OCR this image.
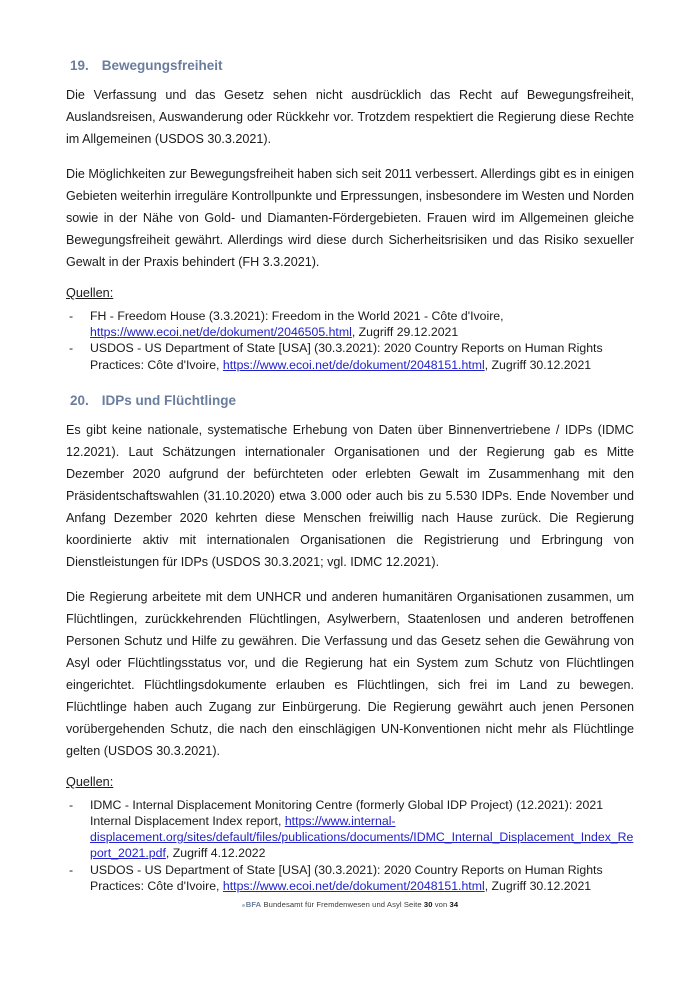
19. Bewegungsfreiheit

Die Verfassung und das Gesetz sehen nicht ausdrücklich das Recht auf Bewegungsfreiheit, Auslandsreisen, Auswanderung oder Rückkehr vor. Trotzdem respektiert die Regierung diese Rechte im Allgemeinen (USDOS 30.3.2021).

Die Möglichkeiten zur Bewegungsfreiheit haben sich seit 2011 verbessert. Allerdings gibt es in einigen Gebieten weiterhin irreguläre Kontrollpunkte und Erpressungen, insbesondere im Westen und Norden sowie in der Nähe von Gold- und Diamanten-Fördergebieten. Frauen wird im Allgemeinen gleiche Bewegungsfreiheit gewährt. Allerdings wird diese durch Sicherheitsrisiken und das Risiko sexueller Gewalt in der Praxis behindert (FH 3.3.2021).

Quellen:
- FH - Freedom House (3.3.2021): Freedom in the World 2021 - Côte d'Ivoire, https://www.ecoi.net/de/dokument/2046505.html, Zugriff 29.12.2021
- USDOS - US Department of State [USA] (30.3.2021): 2020 Country Reports on Human Rights Practices: Côte d'Ivoire, https://www.ecoi.net/de/dokument/2048151.html, Zugriff 30.12.2021
20. IDPs und Flüchtlinge

Es gibt keine nationale, systematische Erhebung von Daten über Binnenvertriebene / IDPs (IDMC 12.2021). Laut Schätzungen internationaler Organisationen und der Regierung gab es Mitte Dezember 2020 aufgrund der befürchteten oder erlebten Gewalt im Zusammenhang mit den Präsidentschaftswahlen (31.10.2020) etwa 3.000 oder auch bis zu 5.530 IDPs. Ende November und Anfang Dezember 2020 kehrten diese Menschen freiwillig nach Hause zurück. Die Regierung koordinierte aktiv mit internationalen Organisationen die Registrierung und Erbringung von Dienstleistungen für IDPs (USDOS 30.3.2021; vgl. IDMC 12.2021).

Die Regierung arbeitete mit dem UNHCR und anderen humanitären Organisationen zusammen, um Flüchtlingen, zurückkehrenden Flüchtlingen, Asylwerbern, Staatenlosen und anderen betroffenen Personen Schutz und Hilfe zu gewähren. Die Verfassung und das Gesetz sehen die Gewährung von Asyl oder Flüchtlingsstatus vor, und die Regierung hat ein System zum Schutz von Flüchtlingen eingerichtet. Flüchtlingsdokumente erlauben es Flüchtlingen, sich frei im Land zu bewegen. Flüchtlinge haben auch Zugang zur Einbürgerung. Die Regierung gewährt auch jenen Personen vorübergehenden Schutz, die nach den einschlägigen UN-Konventionen nicht mehr als Flüchtlinge gelten (USDOS 30.3.2021).

Quellen:
- IDMC - Internal Displacement Monitoring Centre (formerly Global IDP Project) (12.2021): 2021 Internal Displacement Index report, https://www.internal-displacement.org/sites/default/files/publications/documents/IDMC_Internal_Displacement_Index_Report_2021.pdf, Zugriff 4.12.2022
- USDOS - US Department of State [USA] (30.3.2021): 2020 Country Reports on Human Rights Practices: Côte d'Ivoire, https://www.ecoi.net/de/dokument/2048151.html, Zugriff 30.12.2021
BFA Bundesamt für Fremdenwesen und Asyl Seite 30 von 34
